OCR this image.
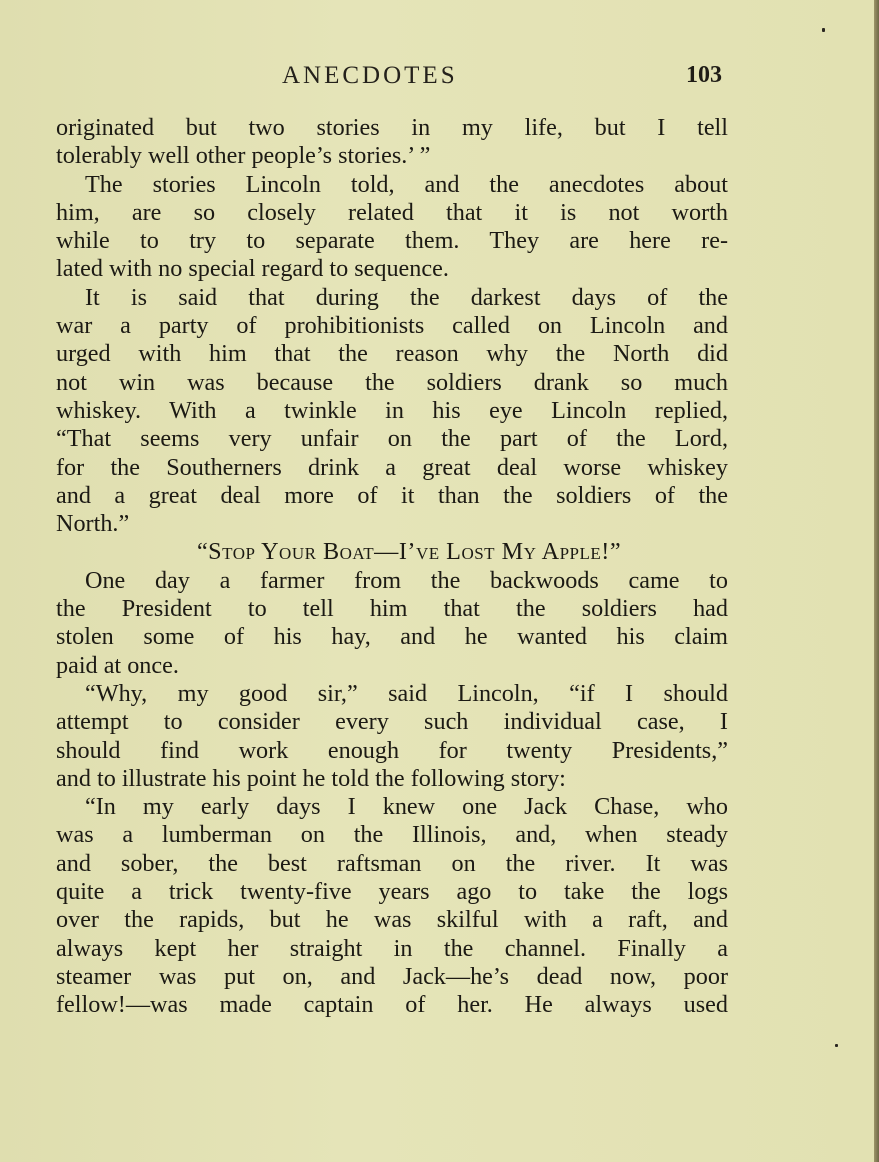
ANECDOTES	103
originated but two stories in my life, but I tell
tolerably well other people’s stories.’ ”
The stories Lincoln told, and the anecdotes about
him, are so closely related that it is not worth
while to try to separate them. They are here re-
lated with no special regard to sequence.
It is said that during the darkest days of the
war a party of prohibitionists called on Lincoln and
urged with him that the reason why the North did
not win was because the soldiers drank so much
whiskey. With a twinkle in his eye Lincoln replied,
“That seems very unfair on the part of the Lord,
for the Southerners drink a great deal worse whiskey
and a great deal more of it than the soldiers of the
North.”
“Stop Your Boat—I’ve Lost My Apple!”
One day a farmer from the backwoods came to
the President to tell him that the soldiers had
stolen some of his hay, and he wanted his claim
paid at once.
“Why, my good sir,” said Lincoln, “if I should
attempt to consider every such individual case, I
should find work enough for twenty Presidents,”
and to illustrate his point he told the following story:
“In my early days I knew one Jack Chase, who
was a lumberman on the Illinois, and, when steady
and sober, the best raftsman on the river. It was
quite a trick twenty-five years ago to take the logs
over the rapids, but he was skilful with a raft, and
always kept her straight in the channel. Finally a
steamer was put on, and Jack—he’s dead now, poor
fellow!—was made captain of her. He always used
